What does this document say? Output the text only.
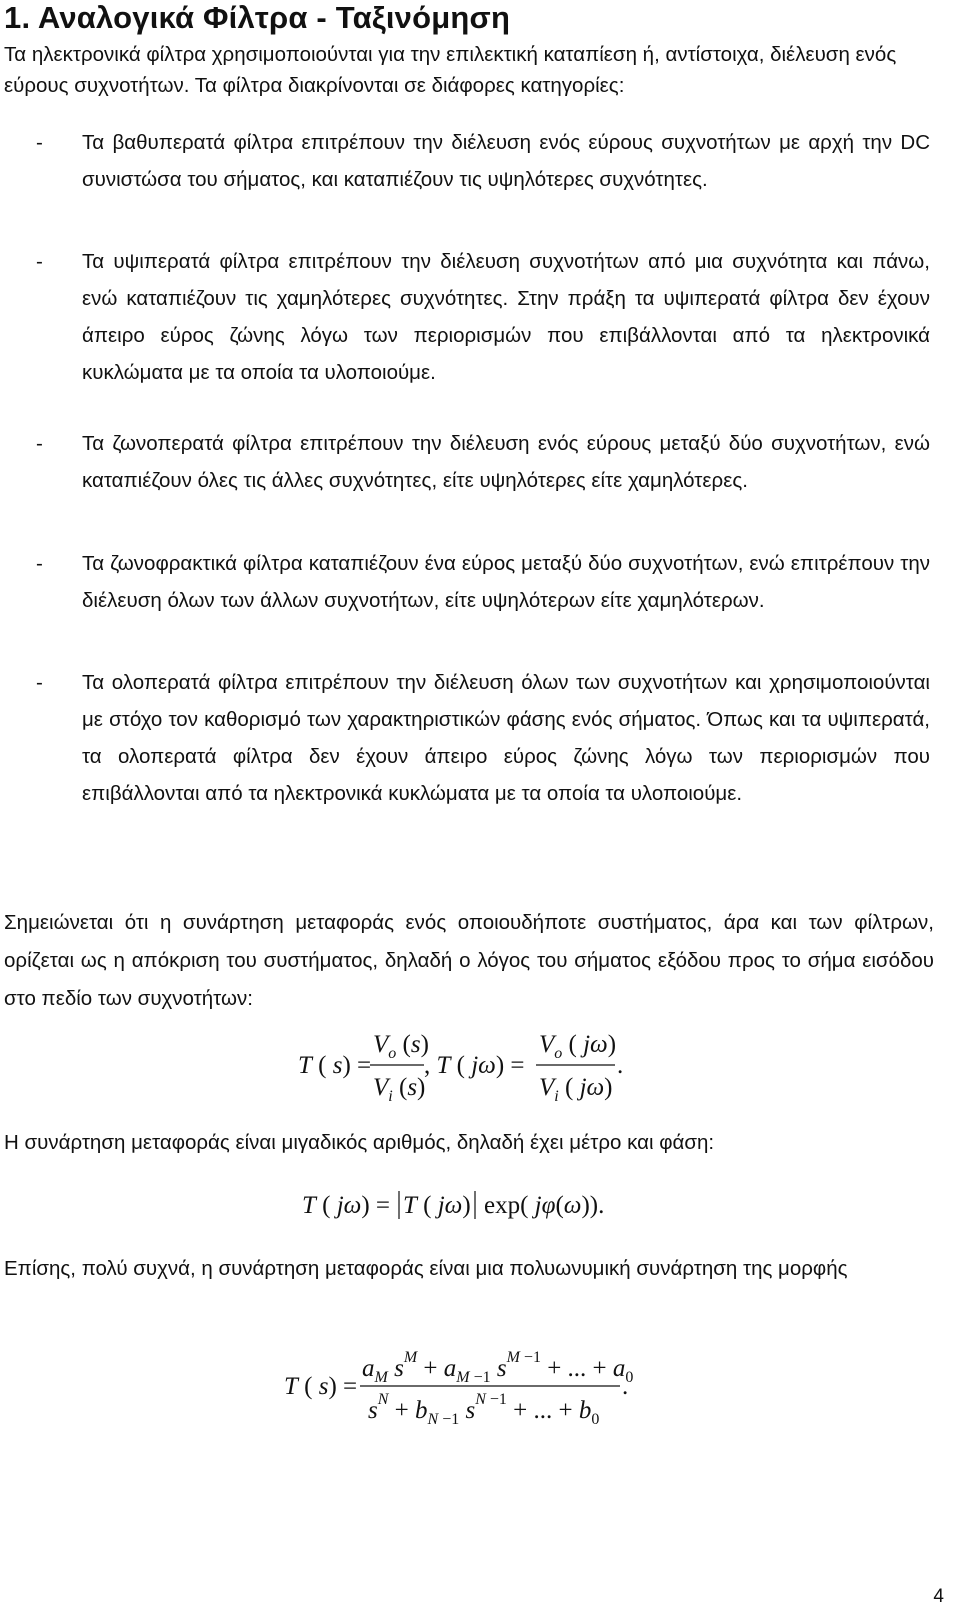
1. Αναλογικά Φίλτρα - Ταξινόμηση

Τα ηλεκτρονικά φίλτρα χρησιμοποιούνται για την επιλεκτική καταπίεση ή, αντίστοιχα, διέλευση ενός εύρους συχνοτήτων. Τα φίλτρα διακρίνονται σε διάφορες κατηγορίες:

- Τα βαθυπερατά φίλτρα επιτρέπουν την διέλευση ενός εύρους συχνοτήτων με αρχή την DC συνιστώσα του σήματος, και καταπιέζουν τις υψηλότερες συχνότητες.

- Τα υψιπερατά φίλτρα επιτρέπουν την διέλευση συχνοτήτων από μια συχνότητα και πάνω, ενώ καταπιέζουν τις χαμηλότερες συχνότητες. Στην πράξη τα υψιπερατά φίλτρα δεν έχουν άπειρο εύρος ζώνης λόγω των περιορισμών που επιβάλλονται από τα ηλεκτρονικά κυκλώματα με τα οποία τα υλοποιούμε.

- Τα ζωνοπερατά φίλτρα επιτρέπουν την διέλευση ενός εύρους μεταξύ δύο συχνοτήτων, ενώ καταπιέζουν όλες τις άλλες συχνότητες, είτε υψηλότερες είτε χαμηλότερες.

- Τα ζωνοφρακτικά φίλτρα καταπιέζουν ένα εύρος μεταξύ δύο συχνοτήτων, ενώ επιτρέπουν την διέλευση όλων των άλλων συχνοτήτων, είτε υψηλότερων είτε χαμηλότερων.

- Τα ολοπερατά φίλτρα επιτρέπουν την διέλευση όλων των συχνοτήτων και χρησιμοποιούνται με στόχο τον καθορισμό των χαρακτηριστικών φάσης ενός σήματος. Όπως και τα υψιπερατά, τα ολοπερατά φίλτρα δεν έχουν άπειρο εύρος ζώνης λόγω των περιορισμών που επιβάλλονται από τα ηλεκτρονικά κυκλώματα με τα οποία τα υλοποιούμε.

Σημειώνεται ότι η συνάρτηση μεταφοράς ενός οποιουδήποτε συστήματος, άρα και των φίλτρων, ορίζεται ως η απόκριση του συστήματος, δηλαδή ο λόγος του σήματος εξόδου προς το σήμα εισόδου στο πεδίο των συχνοτήτων:

T ( s) =
$V_o$ (s)
$V_i$ (s)
, T ( jω) =
$V_o$ ( jω)
$V_i$ ( jω)
.

Η συνάρτηση μεταφοράς είναι μιγαδικός αριθμός, δηλαδή έχει μέτρο και φάση:

T ( jω) = T ( jω) exp( jφ(ω)).

Επίσης, πολύ συχνά, η συνάρτηση μεταφοράς είναι μια πολυωνυμική συνάρτηση της μορφής

T ( s) =
$a_M$ $s^M + a_{M -1}$ $s^{M -1}$ + ... + $a_0$
$s^N + b_{N -1}$ $s^{N -1}$ + ... + $b_0$
.
4
